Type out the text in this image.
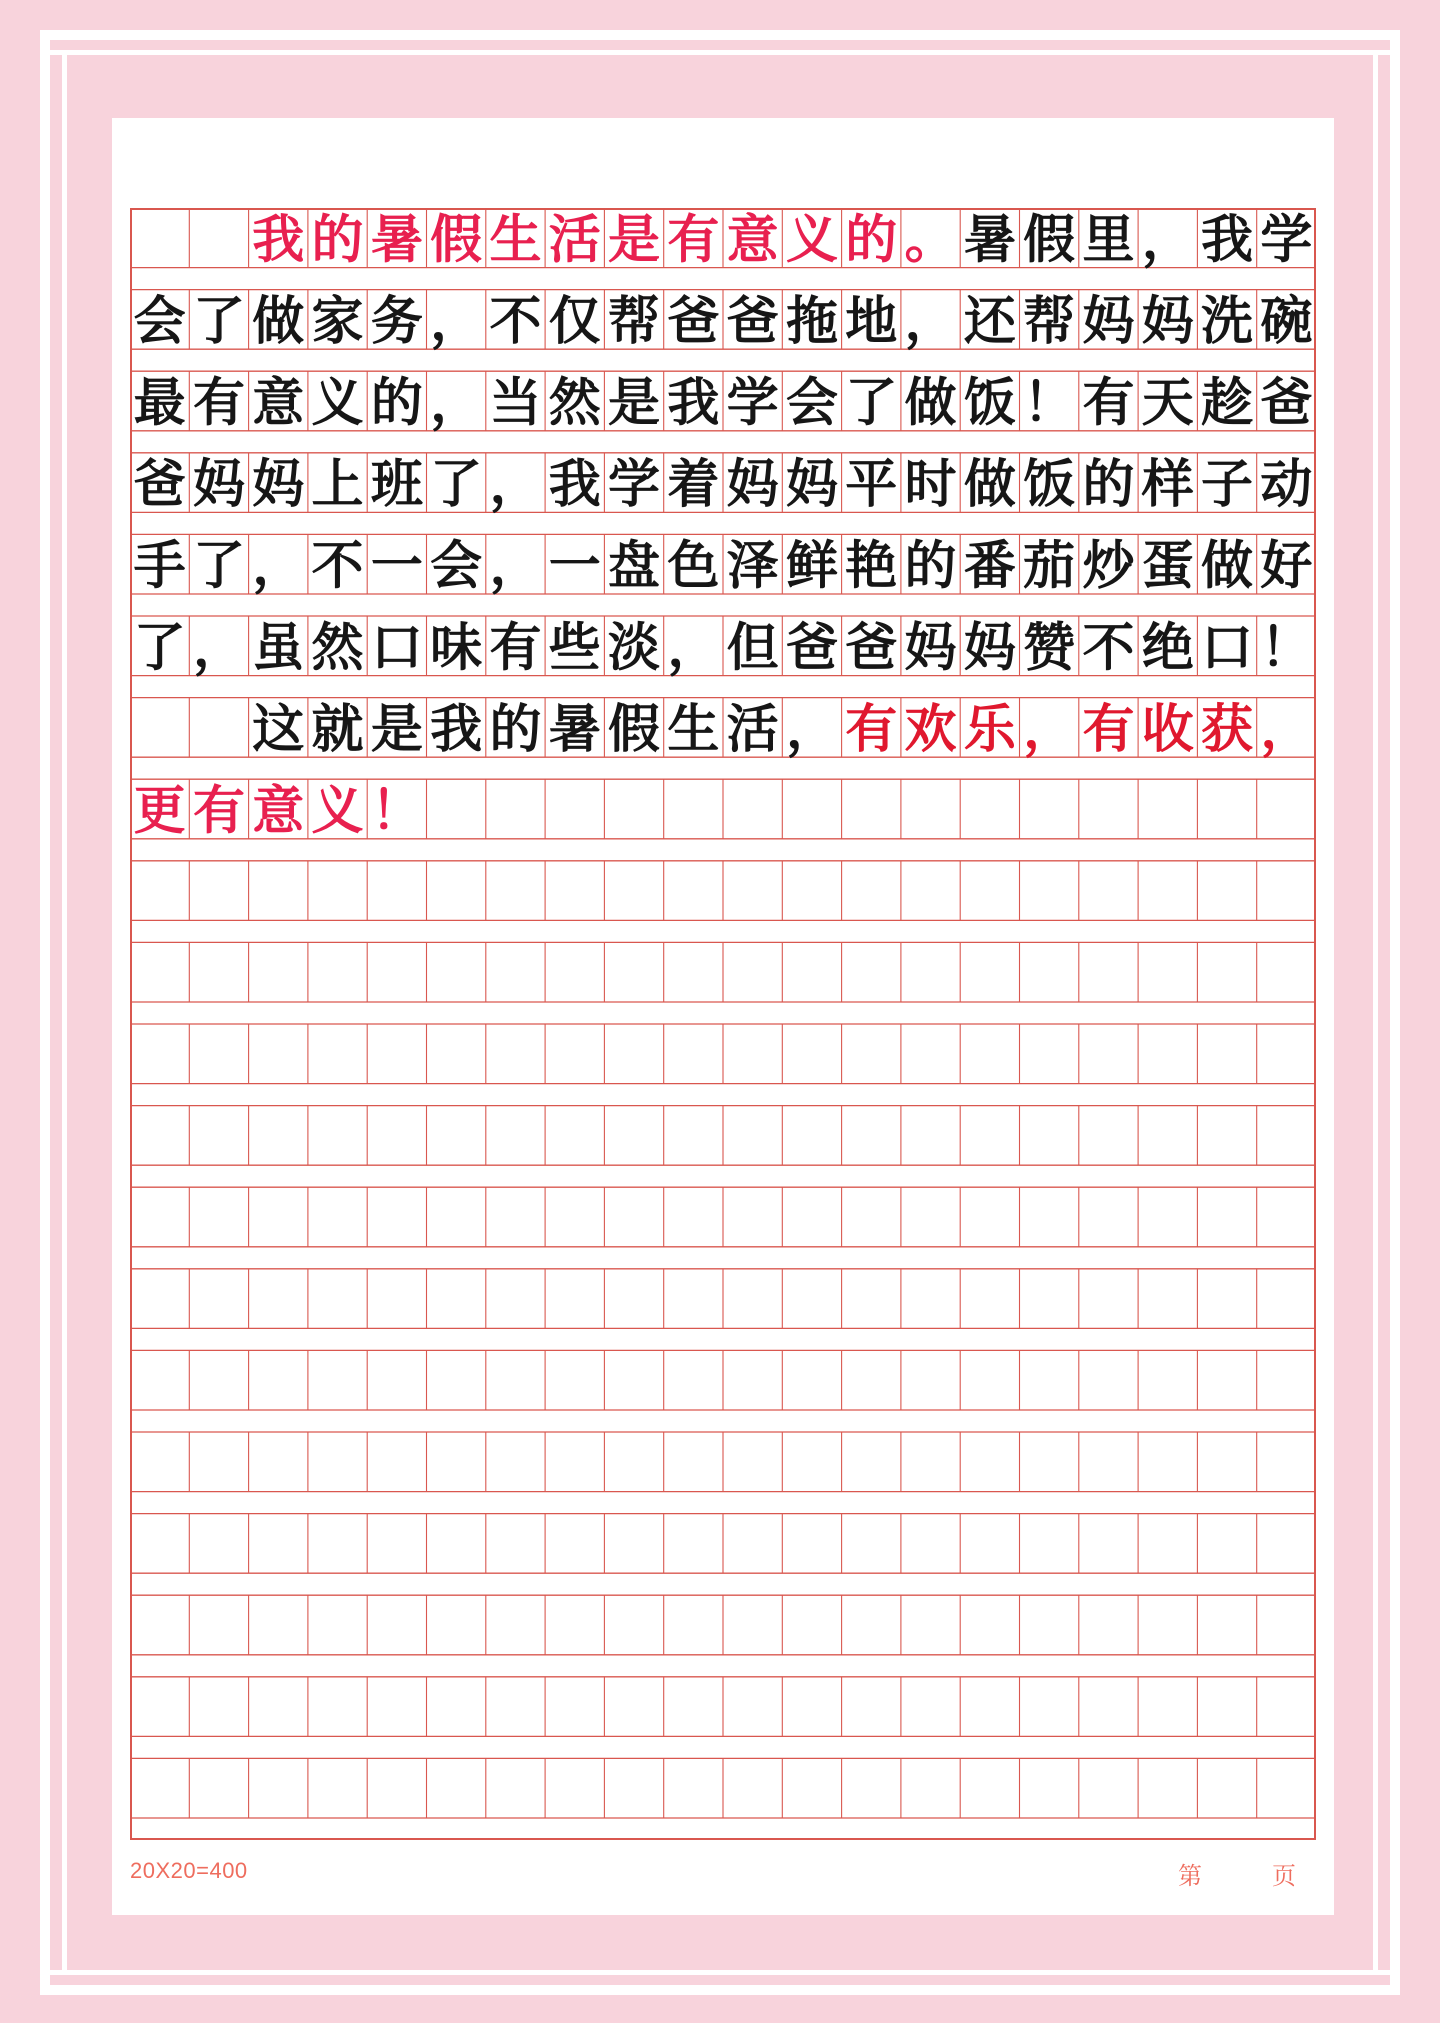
我 的 暑 假 生 活 是 有 意 义 的 。 暑 假 里 ， 我 学
会 了 做 家 务 ， 不 仅 帮 爸 爸 拖 地 ， 还 帮 妈 妈 洗 碗
最 有 意 义 的 ， 当 然 是 我 学 会 了 做 饭 ！ 有 天 趁 爸
爸 妈 妈 上 班 了 ， 我 学 着 妈 妈 平 时 做 饭 的 样 子 动
手 了 ， 不 一 会 ， 一 盘 色 泽 鲜 艳 的 番 茄 炒 蛋 做 好
了 ， 虽 然 口 味 有 些 淡 ， 但 爸 爸 妈 妈 赞 不 绝 口 ！
这 就 是 我 的 暑 假 生 活 ， 有 欢 乐 ， 有 收 获 ，
更 有 意 义 ！
20X20=400	第	页
